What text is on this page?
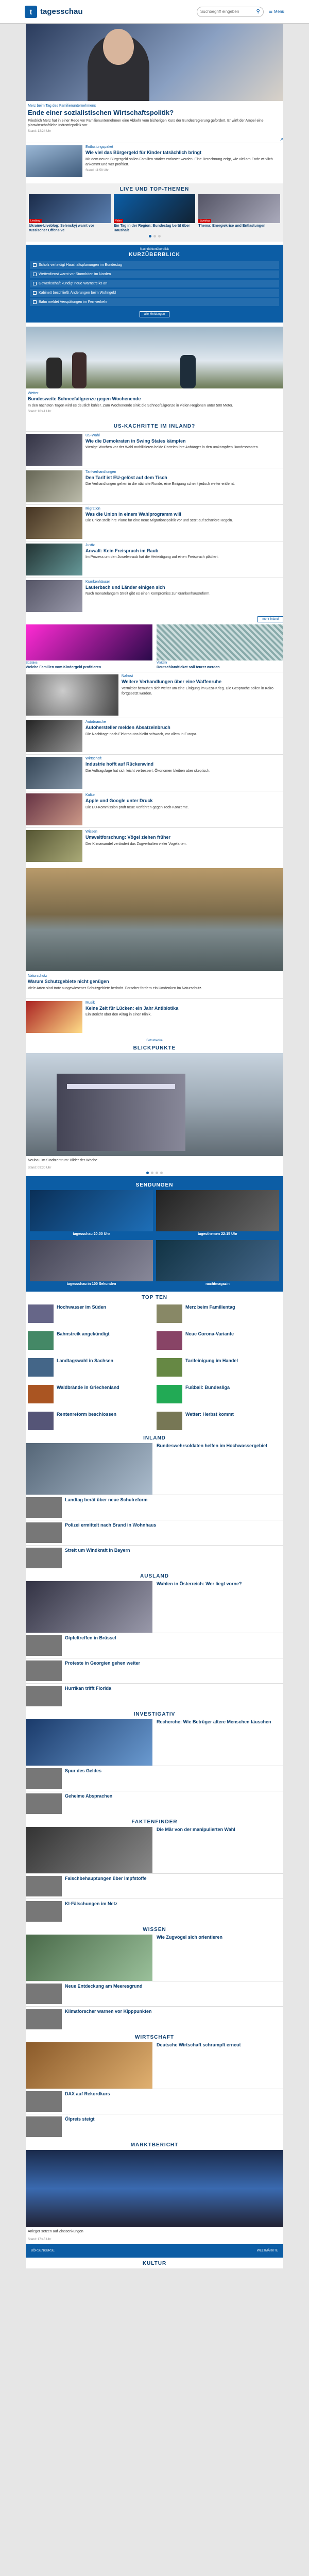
t	tagesschau	Suchbegriff eingeben	⚲ ☰ Menü
Merz beim Tag des Familienunternehmens
Ende einer sozialistischen Wirtschaftspolitik?
Friedrich Merz hat in einer Rede vor Familienunternehmen eine Abkehr vom bisherigen Kurs der Bundesregierung gefordert. Er wirft der Ampel eine planwirtschaftliche Industriepolitik vor.
Stand: 12:24 Uhr
↗
Entlastungspaket
Wie viel das Bürgergeld für Kinder tatsächlich bringt
Mit dem neuen Bürgergeld sollen Familien stärker entlastet werden. Eine Berechnung zeigt, wie viel am Ende wirklich ankommt und wer profitiert.
Stand: 11:58 Uhr
LIVE UND TOP-THEMEN
Liveblog
Ukraine-Liveblog: Selenskyj warnt vor russischer Offensive
Video
Ein Tag in der Region: Bundestag berät über Haushalt
Liveblog
Thema: Energiekrise und Entlastungen
Nachrichtenüberblick
KURZÜBERBLICK
Scholz verteidigt Haushaltsplanungen im Bundestag
Wetterdienst warnt vor Sturmböen im Norden
Gewerkschaft kündigt neue Warnstreiks an
Kabinett beschließt Änderungen beim Wohngeld
Bahn meldet Verspätungen im Fernverkehr
alle Meldungen
Wetter
Bundesweite Schneefallgrenze gegen Wochenende
In den nächsten Tagen wird es deutlich kühler. Zum Wochenende sinkt die Schneefallgrenze in vielen Regionen unter 500 Meter.
Stand: 10:41 Uhr
US-KACHRITTE IM INLAND?
US-Wahl
Wie die Demokraten in Swing States kämpfen
Wenige Wochen vor der Wahl mobilisieren beide Parteien ihre Anhänger in den umkämpften Bundesstaaten.
Tarifverhandlungen
Den Tarif ist EU-gelöst auf dem Tisch
Die Verhandlungen gehen in die nächste Runde, eine Einigung scheint jedoch weiter entfernt.
Migration
Was die Union in einem Wahlprogramm will
Die Union stellt ihre Pläne für eine neue Migrationspolitik vor und setzt auf schärfere Regeln.
Justiz
Anwalt: Kein Freispruch im Raub
Im Prozess um den Juwelenraub hat die Verteidigung auf einen Freispruch plädiert.
Krankenhäuser
Lauterbach und Länder einigen sich
Nach monatelangem Streit gibt es einen Kompromiss zur Krankenhausreform.
mehr Inland
Soziales
Welche Familien vom Kindergeld profitieren
Verkehr
Deutschlandticket soll teurer werden
Nahost
Weitere Verhandlungen über eine Waffenruhe
Vermittler bemühen sich weiter um eine Einigung im Gaza-Krieg. Die Gespräche sollen in Kairo fortgesetzt werden.
Autobranche
Autohersteller melden Absatzeinbruch
Die Nachfrage nach Elektroautos bleibt schwach, vor allem in Europa.
Wirtschaft
Industrie hofft auf Rückenwind
Die Auftragslage hat sich leicht verbessert, Ökonomen bleiben aber skeptisch.
Kultur
Apple und Google unter Druck
Die EU-Kommission prüft neue Verfahren gegen Tech-Konzerne.
Wissen
Umweltforschung: Vögel ziehen früher
Der Klimawandel verändert das Zugverhalten vieler Vogelarten.
Naturschutz
Warum Schutzgebiete nicht genügen
Viele Arten sind trotz ausgewiesener Schutzgebiete bedroht. Forscher fordern ein Umdenken im Naturschutz.
Musik
Keine Zeit für Lücken: ein Jahr Antibiotika
Ein Bericht über den Alltag in einer Klinik.
Fotostrecke
BLICKPUNKTE
Neubau im Stadtzentrum: Bilder der Woche
Stand: 09:30 Uhr
SENDUNGEN
tagesschau 20:00 Uhr	tagesthemen 22:15 Uhr
tagesschau in 100 Sekunden	nachtmagazin
TOP TEN
Hochwasser im Süden	Merz beim Familientag
Bahnstreik angekündigt	Neue Corona-Variante
Landtagswahl in Sachsen	Tarifeinigung im Handel
Waldbrände in Griechenland	Fußball: Bundesliga
Rentenreform beschlossen	Wetter: Herbst kommt
INLAND
Bundeswehrsoldaten helfen im Hochwassergebiet
Landtag berät über neue Schulreform
Polizei ermittelt nach Brand in Wohnhaus
Streit um Windkraft in Bayern
AUSLAND
Wahlen in Österreich: Wer liegt vorne?
Gipfeltreffen in Brüssel
Proteste in Georgien gehen weiter
Hurrikan trifft Florida
INVESTIGATIV
Recherche: Wie Betrüger ältere Menschen täuschen
Spur des Geldes
Geheime Absprachen
FAKTENFINDER
Die Mär von der manipulierten Wahl
Falschbehauptungen über Impfstoffe
KI-Fälschungen im Netz
WISSEN
Wie Zugvögel sich orientieren
Neue Entdeckung am Meeresgrund
Klimaforscher warnen vor Kipppunkten
WIRTSCHAFT
Deutsche Wirtschaft schrumpft erneut
DAX auf Rekordkurs
Ölpreis steigt
MARKTBERICHT
Anleger setzen auf Zinssenkungen
Stand: 17:45 Uhr
BÖRSENKURSE	WELTMÄRKTE
KULTUR
